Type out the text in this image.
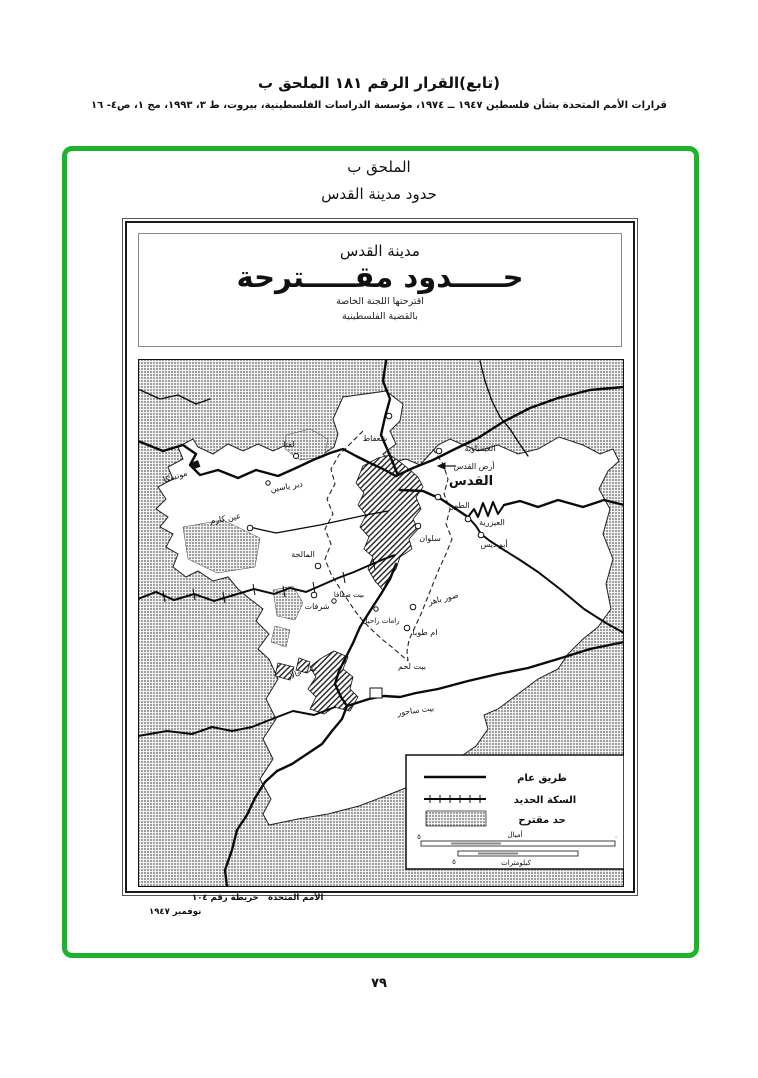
(تابع)القرار الرقم ١٨١ الملحق ب
قرارات الأمم المتحدة بشأن فلسطين ١٩٤٧ ــ ١٩٧٤، مؤسسة الدراسات الفلسطينية، بيروت، ط ٣، ١٩٩٣، مج ١، ص٤- ١٦
الملحق ب
حدود مدينة القدس
مدينة القدس
حـــــدود مقـــــترحة
اقترحتها اللجنة الخاصة
بالقضية الفلسطينية
شعفاط
لفتا
موتسكا
دير ياسين
عين كارم
المالحة
العيساوية
أرض القدس
القدس
الطور
سلوان
العيزرية
أبو ديس
شرفات
بيت صفافا	صور باهر
رامات راحيل
ام طوبا
بيت لحم
بيت جالا
بيت ساحور
طريق عام
السكة الحديد
حد مقترح
أميال
٥	٠
٥	كيلومترات
خريطة رقم ١٠٤ الأمم المتحدة
نوفمبر ١٩٤٧
٧٩
